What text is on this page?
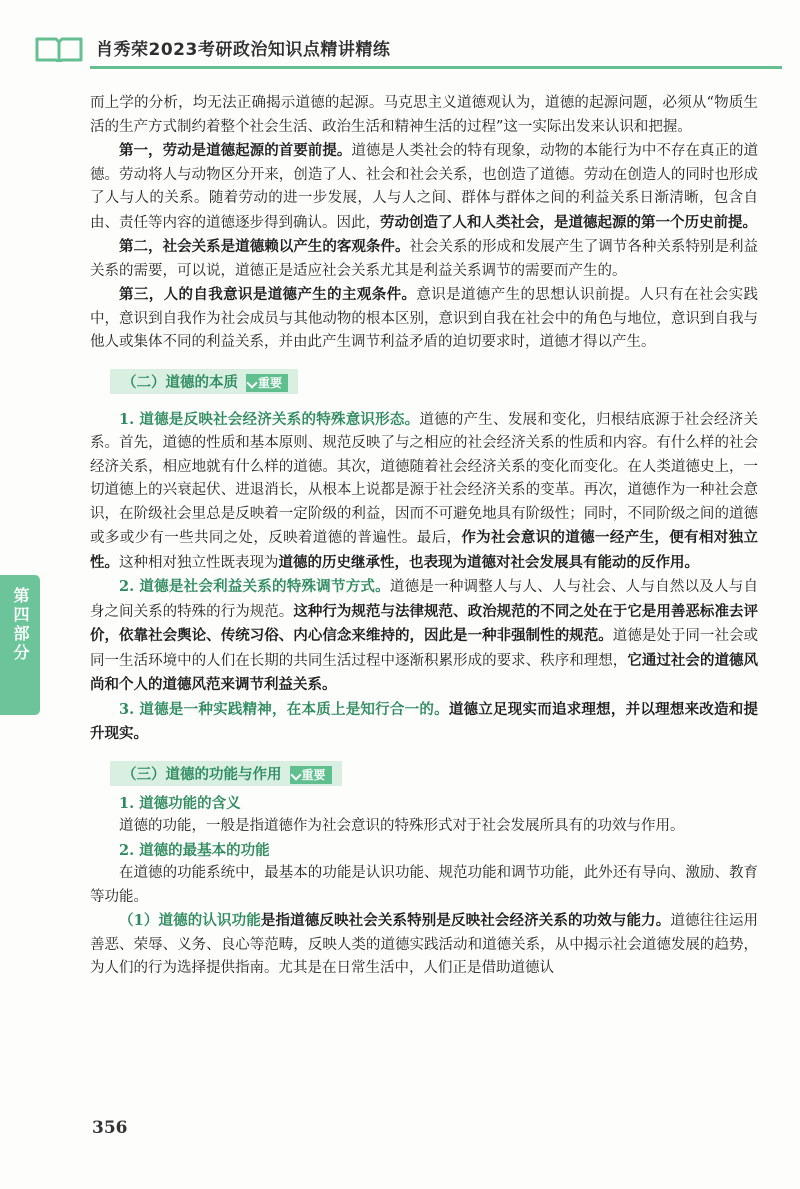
肖秀荣2023考研政治知识点精讲精练
第四部分

而上学的分析，均无法正确揭示道德的起源。马克思主义道德观认为，道德的起源问题，必须从“物质生活的生产方式制约着整个社会生活、政治生活和精神生活的过程”这一实际出发来认识和把握。

第一，劳动是道德起源的首要前提。道德是人类社会的特有现象，动物的本能行为中不存在真正的道德。劳动将人与动物区分开来，创造了人、社会和社会关系，也创造了道德。劳动在创造人的同时也形成了人与人的关系。随着劳动的进一步发展，人与人之间、群体与群体之间的利益关系日渐清晰，包含自由、责任等内容的道德逐步得到确认。因此，劳动创造了人和人类社会，是道德起源的第一个历史前提。

第二，社会关系是道德赖以产生的客观条件。社会关系的形成和发展产生了调节各种关系特别是利益关系的需要，可以说，道德正是适应社会关系尤其是利益关系调节的需要而产生的。

第三，人的自我意识是道德产生的主观条件。意识是道德产生的思想认识前提。人只有在社会实践中，意识到自我作为社会成员与其他动物的根本区别，意识到自我在社会中的角色与地位，意识到自我与他人或集体不同的利益关系，并由此产生调节利益矛盾的迫切要求时，道德才得以产生。

（二）道德的本质 重要

1. 道德是反映社会经济关系的特殊意识形态。道德的产生、发展和变化，归根结底源于社会经济关系。首先，道德的性质和基本原则、规范反映了与之相应的社会经济关系的性质和内容。有什么样的社会经济关系，相应地就有什么样的道德。其次，道德随着社会经济关系的变化而变化。在人类道德史上，一切道德上的兴衰起伏、进退消长，从根本上说都是源于社会经济关系的变革。再次，道德作为一种社会意识，在阶级社会里总是反映着一定阶级的利益，因而不可避免地具有阶级性；同时，不同阶级之间的道德或多或少有一些共同之处，反映着道德的普遍性。最后，作为社会意识的道德一经产生，便有相对独立性。这种相对独立性既表现为道德的历史继承性，也表现为道德对社会发展具有能动的反作用。

2. 道德是社会利益关系的特殊调节方式。道德是一种调整人与人、人与社会、人与自然以及人与自身之间关系的特殊的行为规范。这种行为规范与法律规范、政治规范的不同之处在于它是用善恶标准去评价，依靠社会舆论、传统习俗、内心信念来维持的，因此是一种非强制性的规范。道德是处于同一社会或同一生活环境中的人们在长期的共同生活过程中逐渐积累形成的要求、秩序和理想，它通过社会的道德风尚和个人的道德风范来调节利益关系。

3. 道德是一种实践精神，在本质上是知行合一的。道德立足现实而追求理想，并以理想来改造和提升现实。

（三）道德的功能与作用 重要

1. 道德功能的含义

道德的功能，一般是指道德作为社会意识的特殊形式对于社会发展所具有的功效与作用。

2. 道德的最基本的功能

在道德的功能系统中，最基本的功能是认识功能、规范功能和调节功能，此外还有导向、激励、教育等功能。

（1）道德的认识功能是指道德反映社会关系特别是反映社会经济关系的功效与能力。道德往往运用善恶、荣辱、义务、良心等范畴，反映人类的道德实践活动和道德关系，从中揭示社会道德发展的趋势，为人们的行为选择提供指南。尤其是在日常生活中，人们正是借助道德认

356
